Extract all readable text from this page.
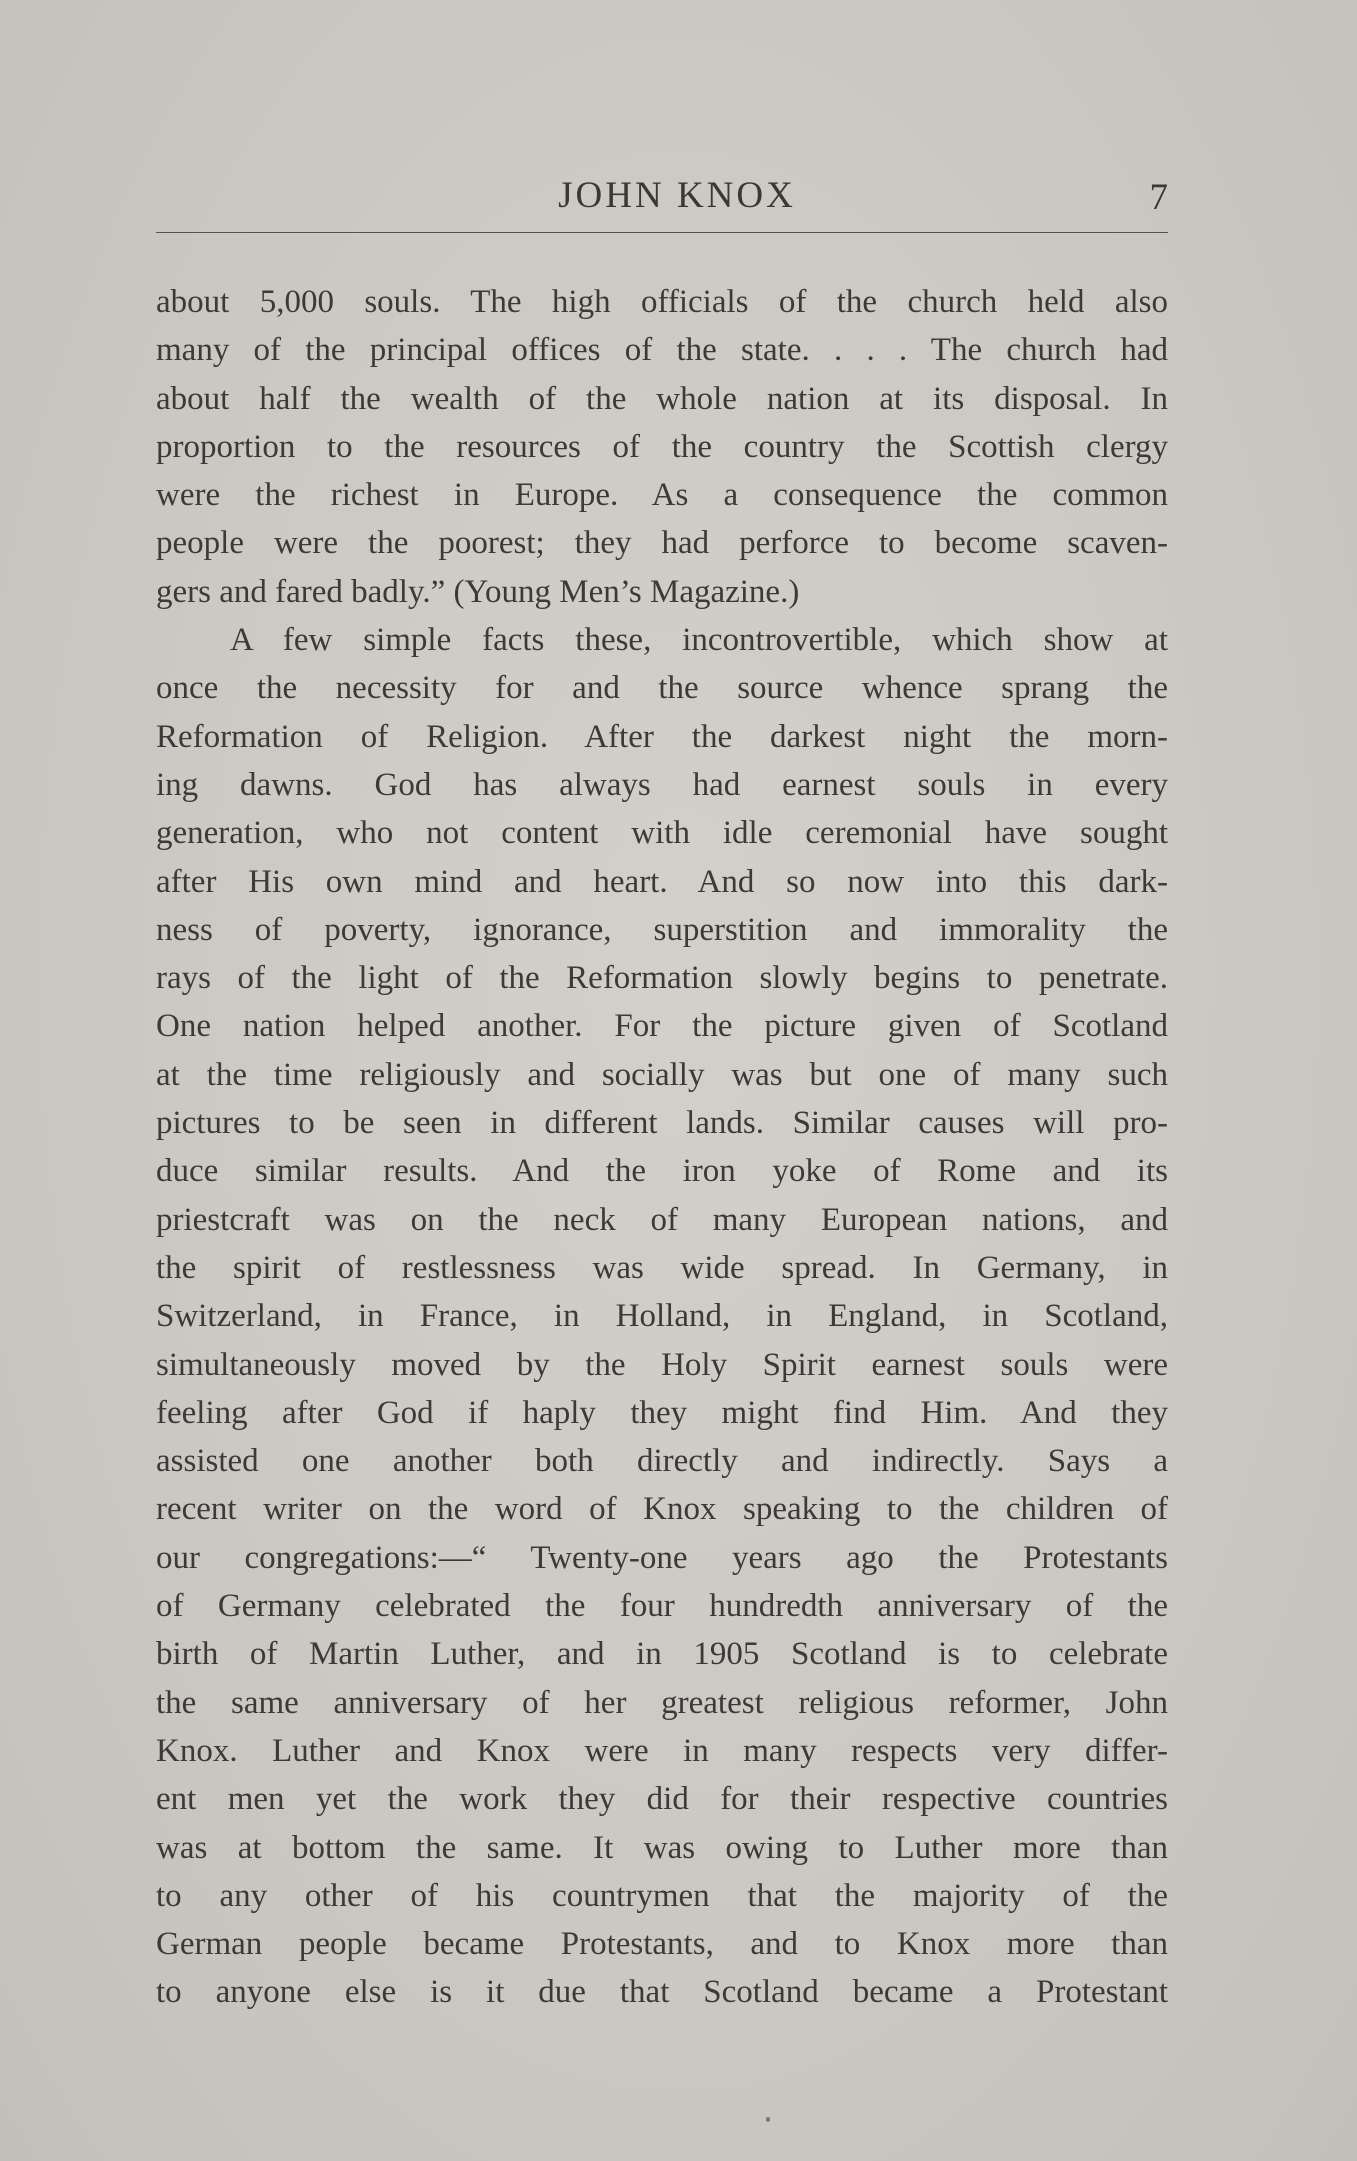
JOHN KNOX	7
about 5,000 souls. The high officials of the church held also
many of the principal offices of the state. . . . The church had
about half the wealth of the whole nation at its disposal. In
proportion to the resources of the country the Scottish clergy
were the richest in Europe. As a consequence the common
people were the poorest; they had perforce to become scaven-
gers and fared badly.” (Young Men’s Magazine.)
A few simple facts these, incontrovertible, which show at
once the necessity for and the source whence sprang the
Reformation of Religion. After the darkest night the morn-
ing dawns. God has always had earnest souls in every
generation, who not content with idle ceremonial have sought
after His own mind and heart. And so now into this dark-
ness of poverty, ignorance, superstition and immorality the
rays of the light of the Reformation slowly begins to penetrate.
One nation helped another. For the picture given of Scotland
at the time religiously and socially was but one of many such
pictures to be seen in different lands. Similar causes will pro-
duce similar results. And the iron yoke of Rome and its
priestcraft was on the neck of many European nations, and
the spirit of restlessness was wide spread. In Germany, in
Switzerland, in France, in Holland, in England, in Scotland,
simultaneously moved by the Holy Spirit earnest souls were
feeling after God if haply they might find Him. And they
assisted one another both directly and indirectly. Says a
recent writer on the word of Knox speaking to the children of
our congregations:—“ Twenty-one years ago the Protestants
of Germany celebrated the four hundredth anniversary of the
birth of Martin Luther, and in 1905 Scotland is to celebrate
the same anniversary of her greatest religious reformer, John
Knox. Luther and Knox were in many respects very differ-
ent men yet the work they did for their respective countries
was at bottom the same. It was owing to Luther more than
to any other of his countrymen that the majority of the
German people became Protestants, and to Knox more than
to anyone else is it due that Scotland became a Protestant
